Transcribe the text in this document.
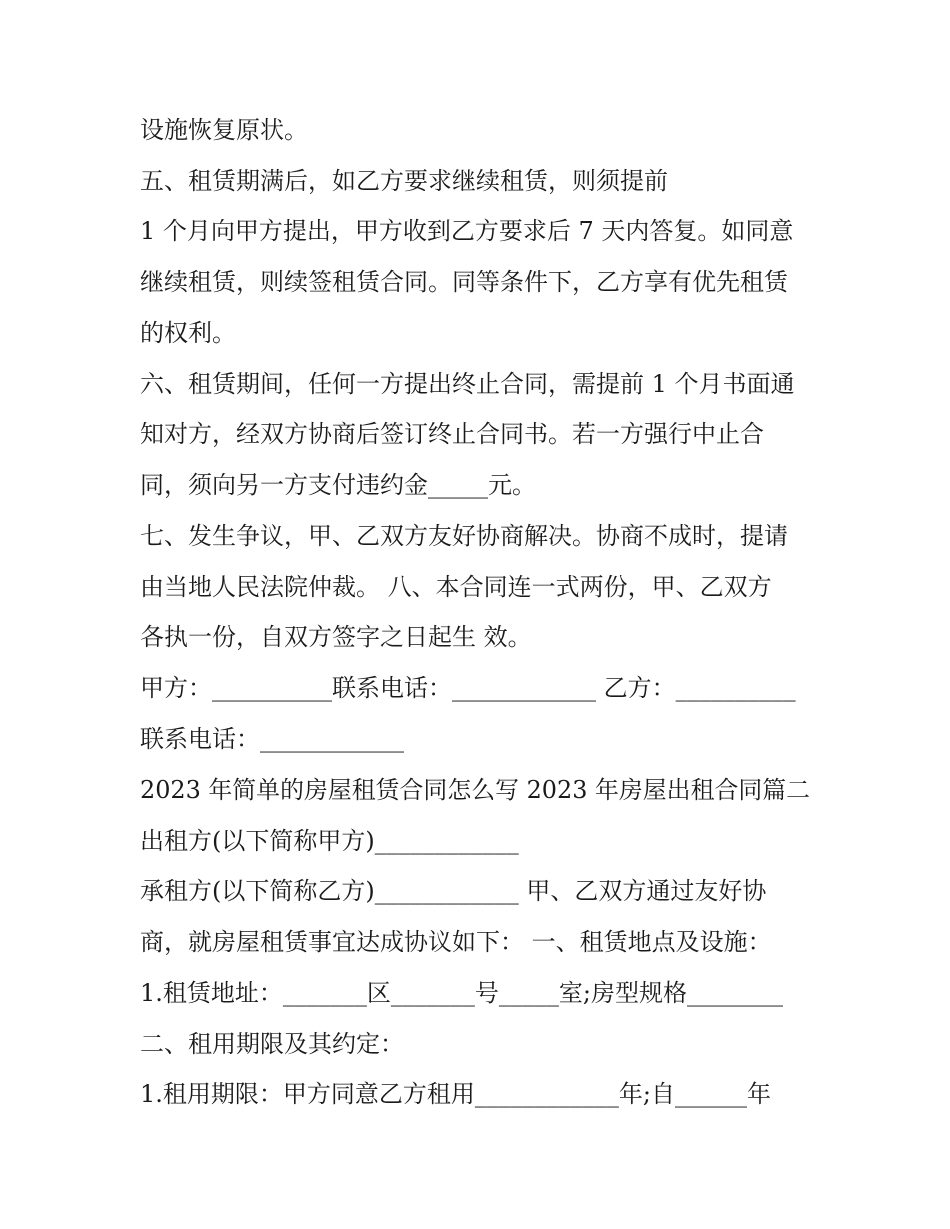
设施恢复原状。

五、租赁期满后，如乙方要求继续租赁，则须提前

1 个月向甲方提出，甲方收到乙方要求后 7 天内答复。如同意

继续租赁，则续签租赁合同。同等条件下，乙方享有优先租赁

的权利。

六、租赁期间，任何一方提出终止合同，需提前 1 个月书面通

知对方，经双方协商后签订终止合同书。若一方强行中止合

同，须向另一方支付违约金_____元。

七、发生争议，甲、乙双方友好协商解决。协商不成时，提请

由当地人民法院仲裁。 八、本合同连一式两份，甲、乙双方

各执一份，自双方签字之日起生 效。

甲方：__________联系电话：____________ 乙方：__________

联系电话：____________

2023 年简单的房屋租赁合同怎么写 2023 年房屋出租合同篇二

出租方(以下简称甲方)____________

承租方(以下简称乙方)____________ 甲、乙双方通过友好协

商，就房屋租赁事宜达成协议如下： 一、租赁地点及设施：

1.租赁地址：_______区_______号_____室;房型规格________

二、租用期限及其约定：

1.租用期限：甲方同意乙方租用____________年;自______年
